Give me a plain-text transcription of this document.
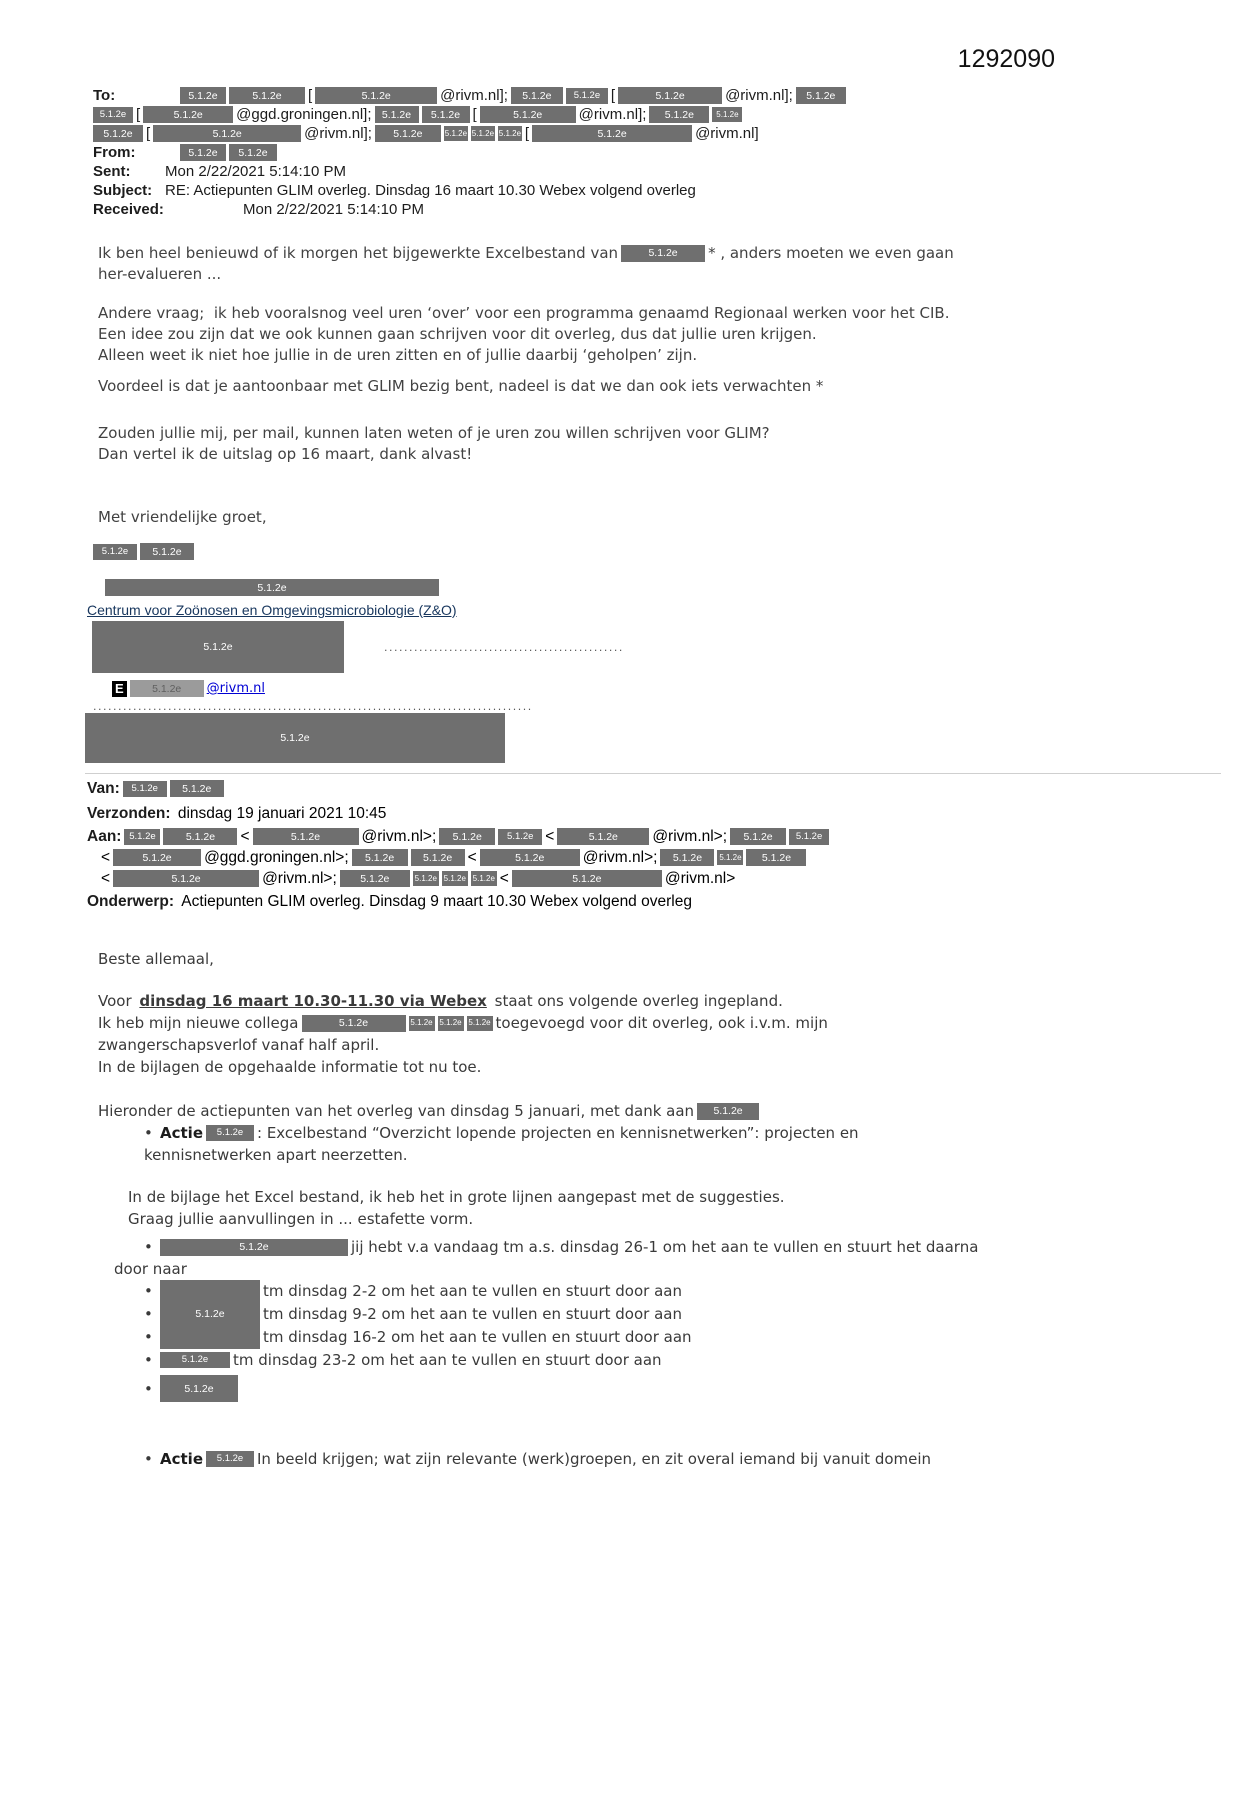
1292090
To:	5.1.2e	5.1.2e	[	5.1.2e	@rivm.nl];	5.1.2e	5.1.2e [	5.1.2e	@rivm.nl];	5.1.2e
5.1.2e [	5.1.2e	@ggd.groningen.nl]; 5.1.2e	5.1.2e [	5.1.2e	@rivm.nl];	5.1.2e	5.1.2e
5.1.2e [	5.1.2e	@rivm.nl];	5.1.2e	5.1.2e 5.1.2e 5.1.2e [	5.1.2e	@rivm.nl]
From:	5.1.2e	5.1.2e
Sent:	Mon 2/22/2021 5:14:10 PM
Subject: RE: Actiepunten GLIM overleg. Dinsdag 16 maart 10.30 Webex volgend overleg
Received:	Mon 2/22/2021 5:14:10 PM
Ik ben heel benieuwd of ik morgen het bijgewerkte Excelbestand van	5.1.2e	* , anders moeten we even gaan
her-evalueren ...
Andere vraag;  ik heb vooralsnog veel uren ‘over’ voor een programma genaamd Regionaal werken voor het CIB.
Een idee zou zijn dat we ook kunnen gaan schrijven voor dit overleg, dus dat jullie uren krijgen.
Alleen weet ik niet hoe jullie in de uren zitten en of jullie daarbij ‘geholpen’ zijn.
Voordeel is dat je aantoonbaar met GLIM bezig bent, nadeel is dat we dan ook iets verwachten *
Zouden jullie mij, per mail, kunnen laten weten of je uren zou willen schrijven voor GLIM?
Dan vertel ik de uitslag op 16 maart, dank alvast!
Met vriendelijke groet,
5.1.2e	5.1.2e
5.1.2e
Centrum voor Zoönosen en Omgevingsmicrobiologie (Z&O)
5.1.2e	................................................
E	5.1.2e	@rivm.nl
........................................................................................
5.1.2e
Van:	5.1.2e	5.1.2e
Verzonden: dinsdag 19 januari 2021 10:45
Aan: 5.1.2e	5.1.2e	<	5.1.2e	@rivm.nl>;	5.1.2e	5.1.2e <	5.1.2e	@rivm.nl>;	5.1.2e	5.1.2e
<	5.1.2e	@ggd.groningen.nl>;	5.1.2e	5.1.2e <	5.1.2e	@rivm.nl>;	5.1.2e	5.1.2e	5.1.2e
<	5.1.2e	@rivm.nl>;	5.1.2e	5.1.2e 5.1.2e 5.1.2e <	5.1.2e	@rivm.nl>
Onderwerp: Actiepunten GLIM overleg. Dinsdag 9 maart 10.30 Webex volgend overleg
Beste allemaal,
Voor dinsdag 16 maart 10.30-11.30 via Webex staat ons volgende overleg ingepland.
Ik heb mijn nieuwe collega	5.1.2e	5.1.2e 5.1.2e 5.1.2e toegevoegd voor dit overleg, ook i.v.m. mijn
zwangerschapsverlof vanaf half april.
In de bijlagen de opgehaalde informatie tot nu toe.
Hieronder de actiepunten van het overleg van dinsdag 5 januari, met dank aan	5.1.2e
• Actie	5.1.2e : Excelbestand “Overzicht lopende projecten en kennisnetwerken”: projecten en
kennisnetwerken apart neerzetten.
In de bijlage het Excel bestand, ik heb het in grote lijnen aangepast met de suggesties.
Graag jullie aanvullingen in ... estafette vorm.
•	5.1.2e	jij hebt v.a vandaag tm a.s. dinsdag 26-1 om het aan te vullen en stuurt het daarna
door naar
•	tm dinsdag 2-2 om het aan te vullen en stuurt door aan
•	5.1.2e	tm dinsdag 9-2 om het aan te vullen en stuurt door aan
•	tm dinsdag 16-2 om het aan te vullen en stuurt door aan
•	5.1.2e	tm dinsdag 23-2 om het aan te vullen en stuurt door aan
•	5.1.2e
• Actie	5.1.2e In beeld krijgen; wat zijn relevante (werk)groepen, en zit overal iemand bij vanuit domein
